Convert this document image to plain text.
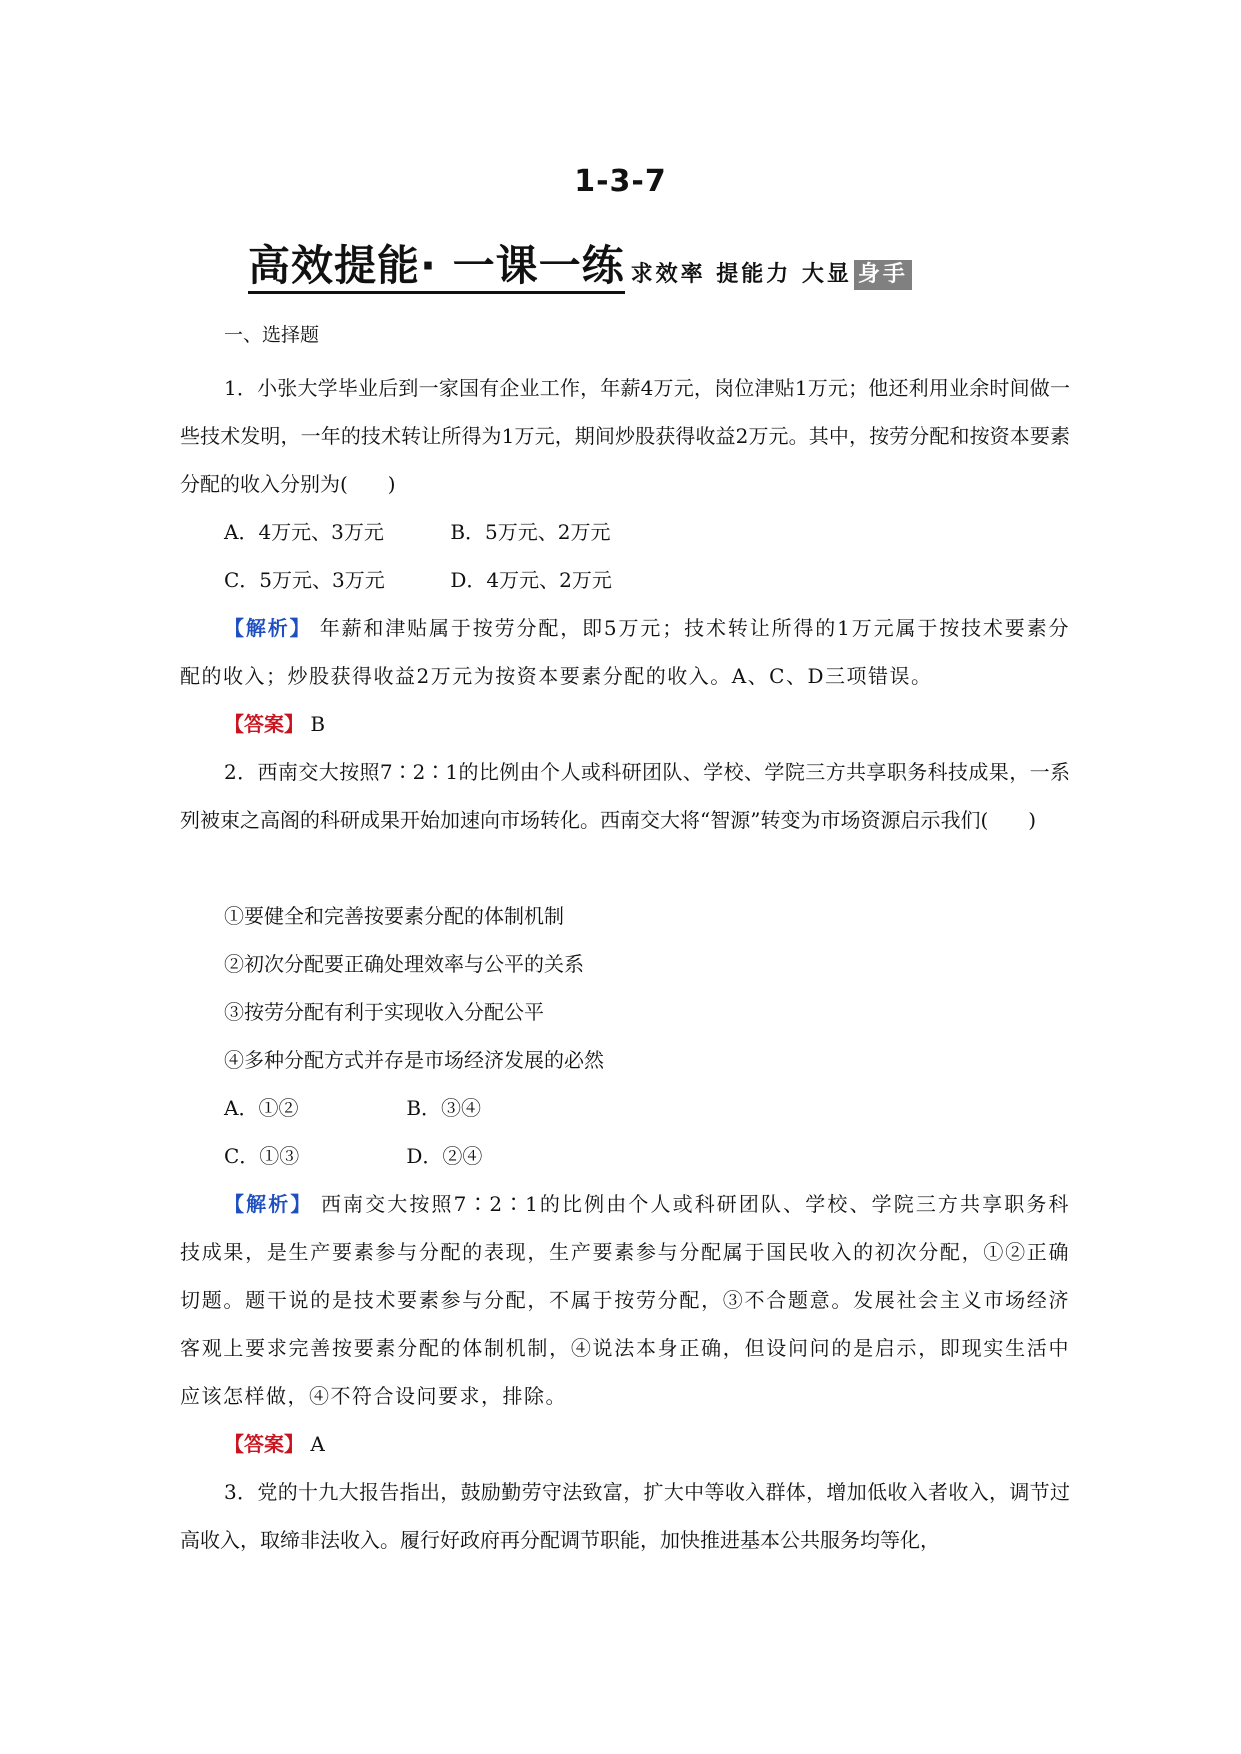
1-3-7
高效提能· 一课一练 求效率 提能力 大显 身手
一、选择题
1．小张大学毕业后到一家国有企业工作，年薪4万元，岗位津贴1万元；他还利用业余时间做一些技术发明，一年的技术转让所得为1万元，期间炒股获得收益2万元。其中，按劳分配和按资本要素分配的收入分别为(　　)
A．4万元、3万元	B．5万元、2万元
C．5万元、3万元	D．4万元、2万元
【解析】 年薪和津贴属于按劳分配，即5万元；技术转让所得的1万元属于按技术要素分配的收入；炒股获得收益2万元为按资本要素分配的收入。A、C、D三项错误。
【答案】 B
2．西南交大按照7∶2∶1的比例由个人或科研团队、学校、学院三方共享职务科技成果，一系列被束之高阁的科研成果开始加速向市场转化。西南交大将“智源”转变为市场资源启示我们(　　)
①要健全和完善按要素分配的体制机制
②初次分配要正确处理效率与公平的关系
③按劳分配有利于实现收入分配公平
④多种分配方式并存是市场经济发展的必然
A．①②	B．③④
C．①③	D．②④
【解析】 西南交大按照7∶2∶1的比例由个人或科研团队、学校、学院三方共享职务科技成果，是生产要素参与分配的表现，生产要素参与分配属于国民收入的初次分配，①②正确切题。题干说的是技术要素参与分配，不属于按劳分配，③不合题意。发展社会主义市场经济客观上要求完善按要素分配的体制机制，④说法本身正确，但设问问的是启示，即现实生活中应该怎样做，④不符合设问要求，排除。
【答案】 A
3．党的十九大报告指出，鼓励勤劳守法致富，扩大中等收入群体，增加低收入者收入，调节过高收入，取缔非法收入。履行好政府再分配调节职能，加快推进基本公共服务均等化，
